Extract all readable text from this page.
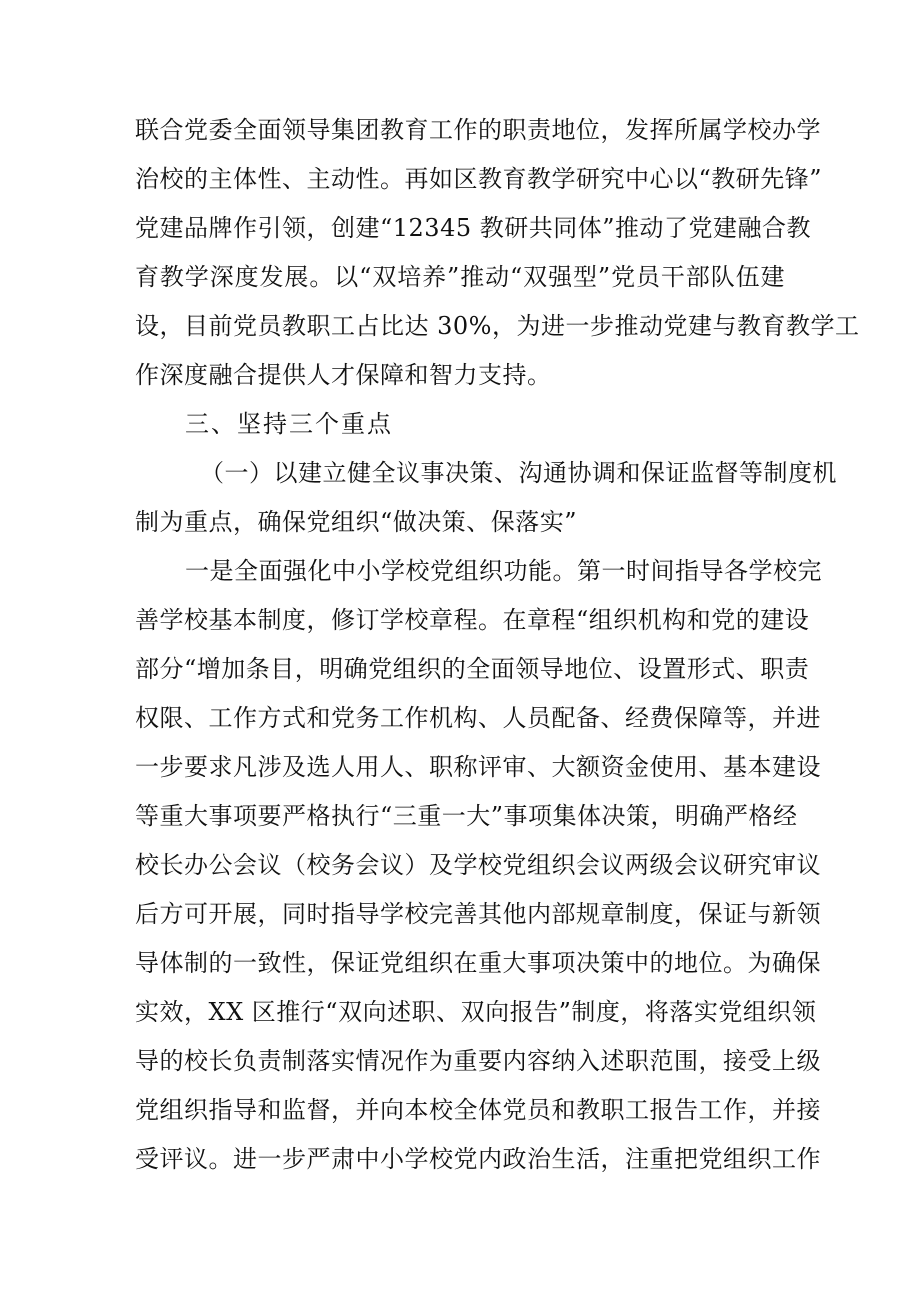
联合党委全面领导集团教育工作的职责地位，发挥所属学校办学
治校的主体性、主动性。再如区教育教学研究中心以“教研先锋”
党建品牌作引领，创建“12345 教研共同体”推动了党建融合教
育教学深度发展。以“双培养”推动“双强型”党员干部队伍建
设，目前党员教职工占比达 30%，为进一步推动党建与教育教学工
作深度融合提供人才保障和智力支持。
三、坚持三个重点
（一）以建立健全议事决策、沟通协调和保证监督等制度机
制为重点，确保党组织“做决策、保落实”
一是全面强化中小学校党组织功能。第一时间指导各学校完
善学校基本制度，修订学校章程。在章程“组织机构和党的建设
部分“增加条目，明确党组织的全面领导地位、设置形式、职责
权限、工作方式和党务工作机构、人员配备、经费保障等，并进
一步要求凡涉及选人用人、职称评审、大额资金使用、基本建设
等重大事项要严格执行“三重一大”事项集体决策，明确严格经
校长办公会议（校务会议）及学校党组织会议两级会议研究审议
后方可开展，同时指导学校完善其他内部规章制度，保证与新领
导体制的一致性，保证党组织在重大事项决策中的地位。为确保
实效，XX 区推行“双向述职、双向报告”制度，将落实党组织领
导的校长负责制落实情况作为重要内容纳入述职范围，接受上级
党组织指导和监督，并向本校全体党员和教职工报告工作，并接
受评议。进一步严肃中小学校党内政治生活，注重把党组织工作
